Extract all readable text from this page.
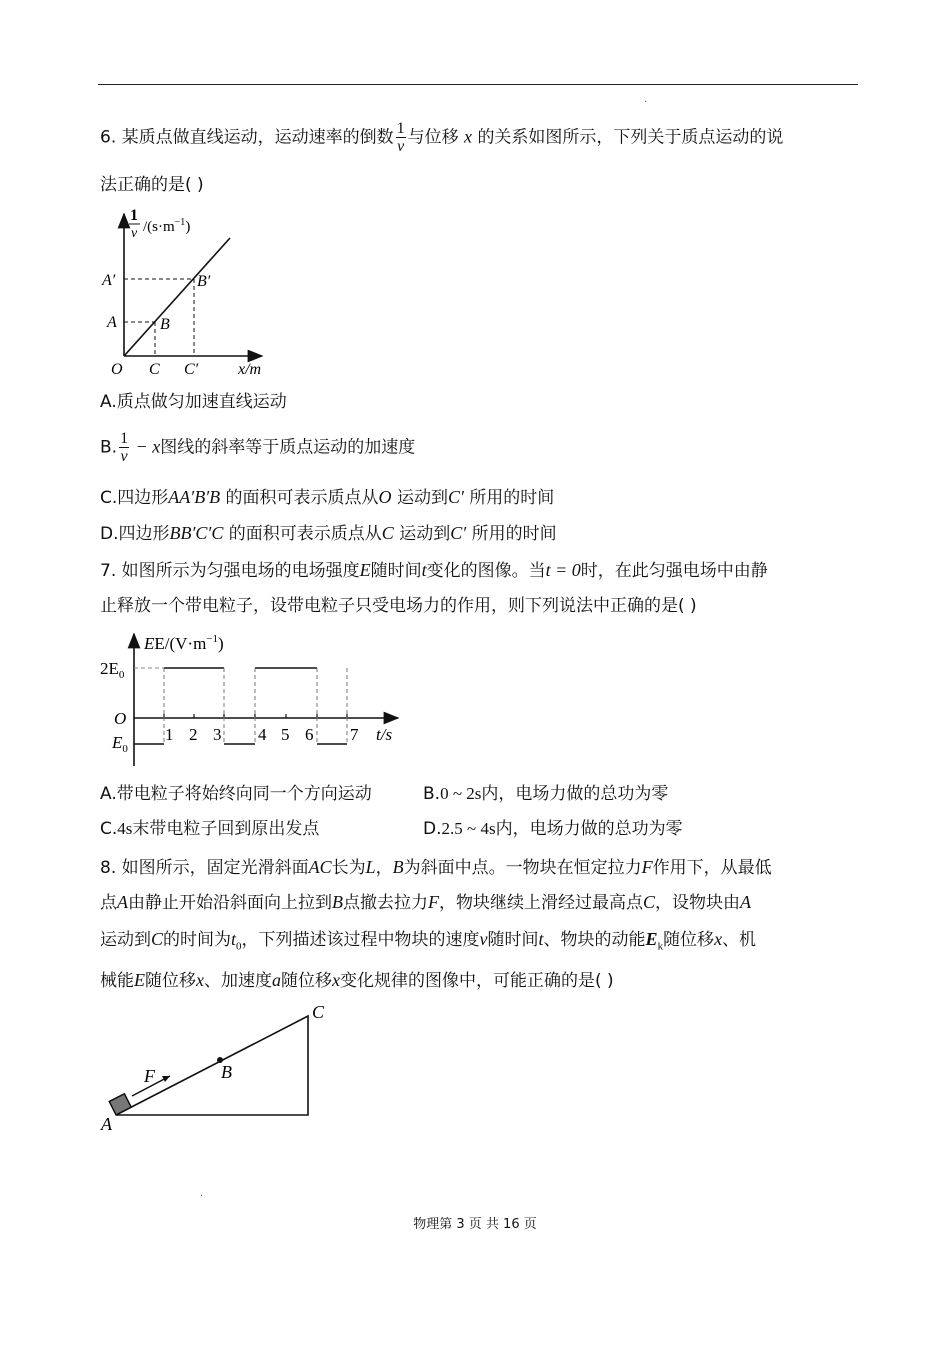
.
6. 某质点做直线运动，运动速率的倒数 $\frac{1}{v}$ 与位移 x 的关系如图所示，下列关于质点运动的说
法正确的是( )
1
v $/(s\cdot m^{-1})$
A′
A
B′
B
O C C′ x/m
A.质点做匀加速直线运动
B. $\frac{1}{v} - x$图线的斜率等于质点运动的加速度
C.四边形AA′B′B 的面积可表示质点从O 运动到C′ 所用的时间
D.四边形BB′C′C 的面积可表示质点从C 运动到C′ 所用的时间
7. 如图所示为匀强电场的电场强度E随时间t变化的图像。当t = 0时，在此匀强电场中由静
止释放一个带电粒子，设带电粒子只受电场力的作用，则下列说法中正确的是( )
$EE/(V\cdot m^{-1})$
$2E_0$
O
$E_0$
1 2 3 4 5 6 7 t/s
A.带电粒子将始终向同一个方向运动	B.0 ~ 2s内，电场力做的总功为零
C.4s末带电粒子回到原出发点	D.2.5 ~ 4s内，电场力做的总功为零
8. 如图所示，固定光滑斜面AC长为L，B为斜面中点。一物块在恒定拉力F作用下，从最低
点A由静止开始沿斜面向上拉到B点撤去拉力F，物块继续上滑经过最高点C，设物块由A
运动到C的时间为$t_0$，下列描述该过程中物块的速度v随时间t、物块的动能$E_k$随位移x、机
械能E随位移x、加速度a随位移x变化规律的图像中，可能正确的是( )
C
B
F
A
.
物理第 3 页 共 16 页
